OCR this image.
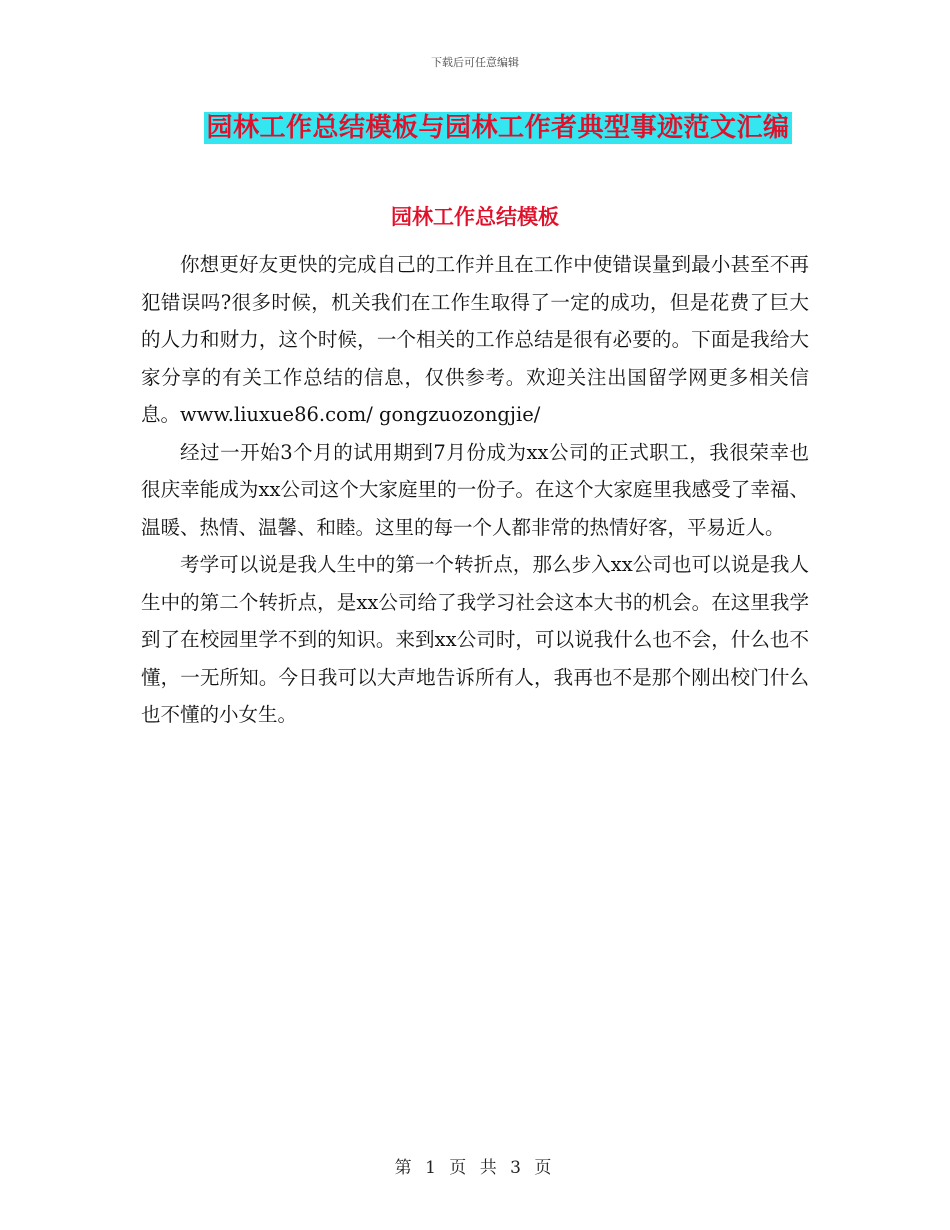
下载后可任意编辑
园林工作总结模板与园林工作者典型事迹范文汇编
园林工作总结模板

你想更好友更快的完成自己的工作并且在工作中使错误量到最小甚至不再犯错误吗?很多时候，机关我们在工作生取得了一定的成功，但是花费了巨大的人力和财力，这个时候，一个相关的工作总结是很有必要的。下面是我给大家分享的有关工作总结的信息，仅供参考。欢迎关注出国留学网更多相关信息。www.liuxue86.com/ gongzuozongjie/

经过一开始3个月的试用期到7月份成为xx公司的正式职工，我很荣幸也很庆幸能成为xx公司这个大家庭里的一份子。在这个大家庭里我感受了幸福、温暖、热情、温馨、和睦。这里的每一个人都非常的热情好客，平易近人。

考学可以说是我人生中的第一个转折点，那么步入xx公司也可以说是我人生中的第二个转折点，是xx公司给了我学习社会这本大书的机会。在这里我学到了在校园里学不到的知识。来到xx公司时，可以说我什么也不会，什么也不懂，一无所知。今日我可以大声地告诉所有人，我再也不是那个刚出校门什么也不懂的小女生。

第 1 页 共 3 页
